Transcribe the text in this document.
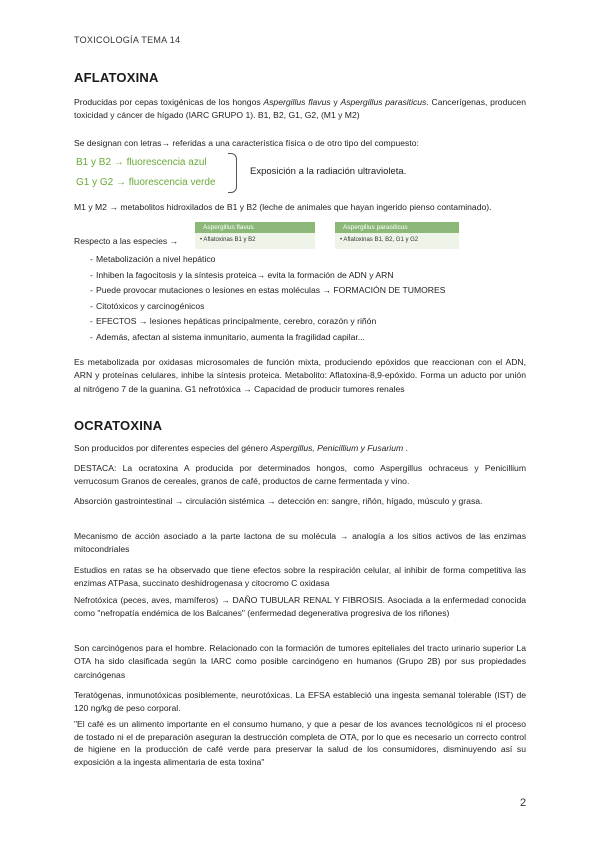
TOXICOLOGÍA TEMA 14
AFLATOXINA

Producidas por cepas toxigénicas de los hongos Aspergillus flavus y Aspergillus parasiticus. Cancerígenas, producen toxicidad y cáncer de hígado (IARC GRUPO 1). B1, B2, G1, G2, (M1 y M2)

Se designan con letras→ referidas a una característica física o de otro tipo del compuesto:

B1 y B2 → fluorescencia azul
G1 y G2 → fluorescencia verde
Exposición a la radiación ultravioleta.

M1 y M2 → metabolitos hidroxilados de B1 y B2 (leche de animales que hayan ingerido pienso contaminado).

Respecto a las especies →
Aspergillus flavus
• Aflatoxinas B1 y B2
Aspergillus parasiticus
• Aflatoxinas B1, B2, G1 y G2
- Metabolización a nivel hepático
- Inhiben la fagocitosis y la síntesis proteica→ evita la formación de ADN y ARN
- Puede provocar mutaciones o lesiones en estas moléculas → FORMACIÓN DE TUMORES
- Citotóxicos y carcinogénicos
- EFECTOS → lesiones hepáticas principalmente, cerebro, corazón y riñón
- Además, afectan al sistema inmunitario, aumenta la fragilidad capilar...

Es metabolizada por oxidasas microsomales de función mixta, produciendo epóxidos que reaccionan con el ADN, ARN y proteínas celulares, inhibe la síntesis proteica. Metabolito: Aflatoxina-8,9-epóxido. Forma un aducto por unión al nitrógeno 7 de la guanina. G1 nefrotóxica → Capacidad de producir tumores renales

OCRATOXINA

Son producidos por diferentes especies del género Aspergillus, Penicillium y Fusarium .

DESTACA: La ocratoxina A producida por determinados hongos, como Aspergillus ochraceus y Penicillium verrucosum Granos de cereales, granos de café, productos de carne fermentada y vino.

Absorción gastrointestinal → circulación sistémica → detección en: sangre, riñón, hígado, músculo y grasa.

Mecanismo de acción asociado a la parte lactona de su molécula → analogía a los sitios activos de las enzimas mitocondriales

Estudios en ratas se ha observado que tiene efectos sobre la respiración celular, al inhibir de forma competitiva las enzimas ATPasa, succinato deshidrogenasa y citocromo C oxidasa

Nefrotóxica (peces, aves, mamíferos) → DAÑO TUBULAR RENAL Y FIBROSIS. Asociada a la enfermedad conocida como "nefropatía endémica de los Balcanes" (enfermedad degenerativa progresiva de los riñones)

Son carcinógenos para el hombre. Relacionado con la formación de tumores epiteliales del tracto urinario superior La OTA ha sido clasificada según la IARC como posible carcinógeno en humanos (Grupo 2B) por sus propiedades carcinógenas

Teratógenas, inmunotóxicas posiblemente, neurotóxicas. La EFSA estableció una ingesta semanal tolerable (IST) de 120 ng/kg de peso corporal.

"El café es un alimento importante en el consumo humano, y que a pesar de los avances tecnológicos ni el proceso de tostado ni el de preparación aseguran la destrucción completa de OTA, por lo que es necesario un correcto control de higiene en la producción de café verde para preservar la salud de los consumidores, disminuyendo así su exposición a la ingesta alimentaria de esta toxina"

2
